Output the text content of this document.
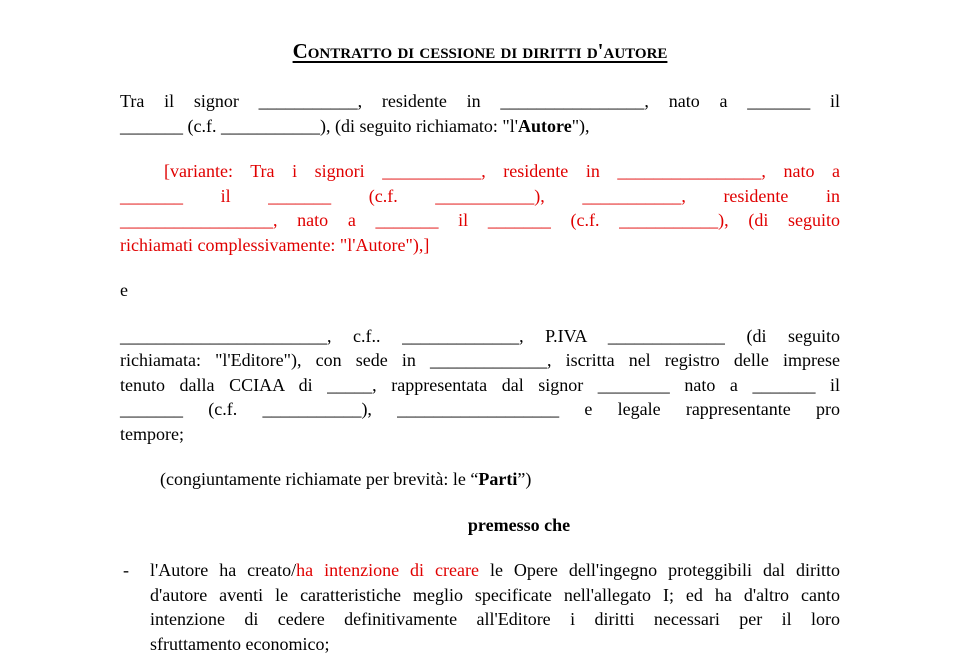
Contratto di cessione di diritti d'autore
Tra il signor ___________, residente in ________________, nato a _______ il
_______ (c.f. ___________), (di seguito richiamato: "l'Autore"),
[variante: Tra i signori ___________, residente in ________________, nato a
_______ il _______ (c.f. ___________), ___________, residente in
_________________, nato a _______ il _______ (c.f. ___________), (di seguito
richiamati complessivamente: "l'Autore"),]
e
_______________________, c.f.. _____________, P.IVA _____________ (di seguito
richiamata: "l'Editore"), con sede in _____________, iscritta nel registro delle imprese
tenuto dalla CCIAA di _____, rappresentata dal signor ________ nato a _______ il
_______ (c.f. ___________), __________________ e legale rappresentante pro
tempore;
(congiuntamente richiamate per brevità: le “Parti”)
premesso che
- l'Autore ha creato/ha intenzione di creare le Opere dell'ingegno proteggibili dal diritto
d'autore aventi le caratteristiche meglio specificate nell'allegato I; ed ha d'altro canto
intenzione di cedere definitivamente all'Editore i diritti necessari per il loro
sfruttamento economico;
